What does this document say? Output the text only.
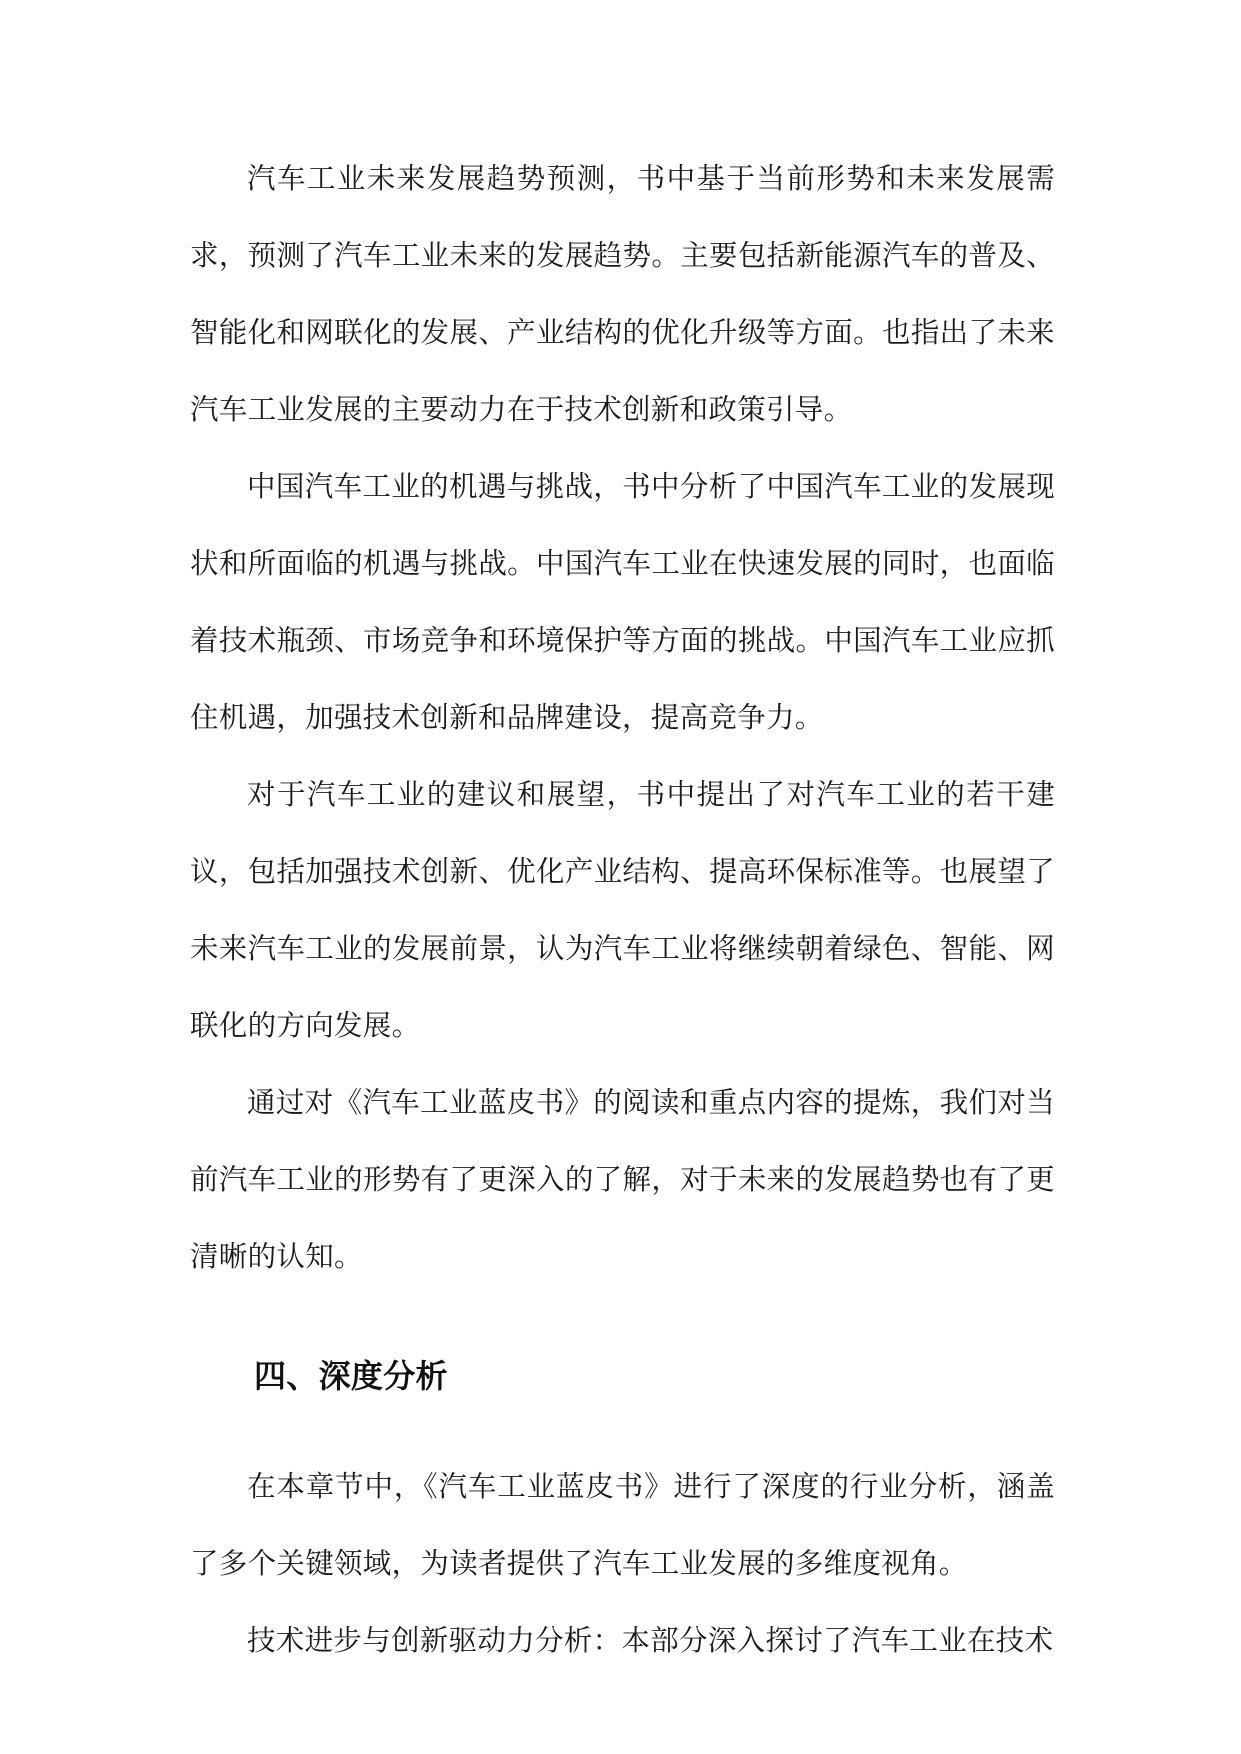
汽车工业未来发展趋势预测，书中基于当前形势和未来发展需求，预测了汽车工业未来的发展趋势。主要包括新能源汽车的普及、智能化和网联化的发展、产业结构的优化升级等方面。也指出了未来汽车工业发展的主要动力在于技术创新和政策引导。

中国汽车工业的机遇与挑战，书中分析了中国汽车工业的发展现状和所面临的机遇与挑战。中国汽车工业在快速发展的同时，也面临着技术瓶颈、市场竞争和环境保护等方面的挑战。中国汽车工业应抓住机遇，加强技术创新和品牌建设，提高竞争力。

对于汽车工业的建议和展望，书中提出了对汽车工业的若干建议，包括加强技术创新、优化产业结构、提高环保标准等。也展望了未来汽车工业的发展前景，认为汽车工业将继续朝着绿色、智能、网联化的方向发展。

通过对《汽车工业蓝皮书》的阅读和重点内容的提炼，我们对当前汽车工业的形势有了更深入的了解，对于未来的发展趋势也有了更清晰的认知。

四、深度分析

在本章节中，《汽车工业蓝皮书》进行了深度的行业分析，涵盖了多个关键领域，为读者提供了汽车工业发展的多维度视角。

技术进步与创新驱动力分析：本部分深入探讨了汽车工业在技术
